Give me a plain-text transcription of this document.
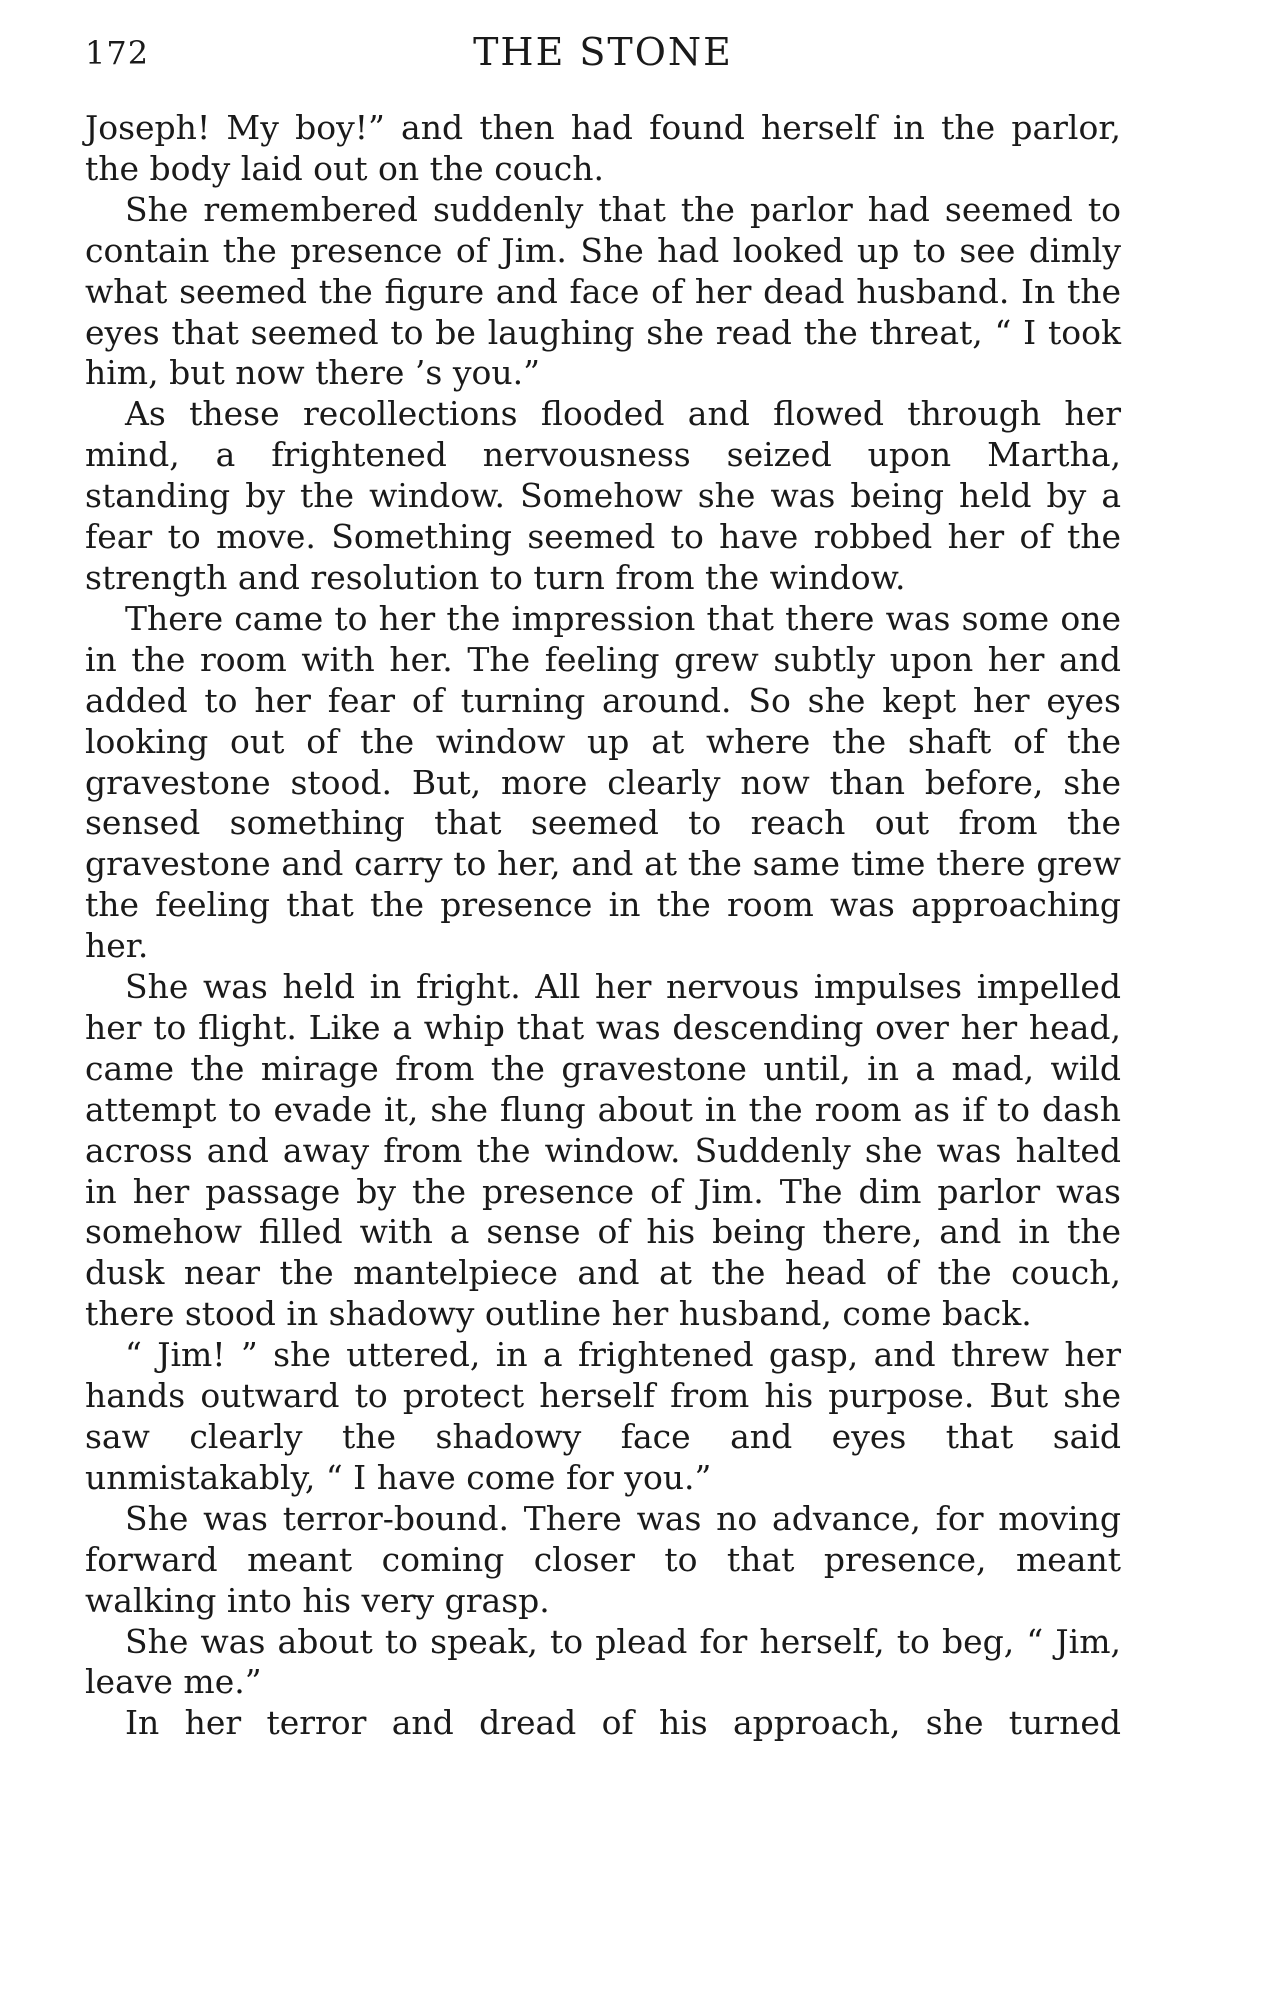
172	THE STONE

Joseph! My boy!” and then had found herself in the parlor, the body laid out on the couch.

She remembered suddenly that the parlor had seemed to contain the presence of Jim. She had looked up to see dimly what seemed the figure and face of her dead husband. In the eyes that seemed to be laughing she read the threat, “ I took him, but now there ’s you.”

As these recollections flooded and flowed through her mind, a frightened nervousness seized upon Martha, standing by the window. Somehow she was being held by a fear to move. Something seemed to have robbed her of the strength and resolution to turn from the window.

There came to her the impression that there was some one in the room with her. The feeling grew subtly upon her and added to her fear of turning around. So she kept her eyes looking out of the window up at where the shaft of the gravestone stood. But, more clearly now than before, she sensed something that seemed to reach out from the gravestone and carry to her, and at the same time there grew the feeling that the presence in the room was approaching her.

She was held in fright. All her nervous impulses impelled her to flight. Like a whip that was descending over her head, came the mirage from the gravestone until, in a mad, wild attempt to evade it, she flung about in the room as if to dash across and away from the window. Suddenly she was halted in her passage by the presence of Jim. The dim parlor was somehow filled with a sense of his being there, and in the dusk near the mantelpiece and at the head of the couch, there stood in shadowy outline her husband, come back.

“ Jim! ” she uttered, in a frightened gasp, and threw her hands outward to protect herself from his purpose. But she saw clearly the shadowy face and eyes that said unmistakably, “ I have come for you.”

She was terror-bound. There was no advance, for moving forward meant coming closer to that presence, meant walking into his very grasp.

She was about to speak, to plead for herself, to beg, “ Jim, leave me.”

In her terror and dread of his approach, she turned
